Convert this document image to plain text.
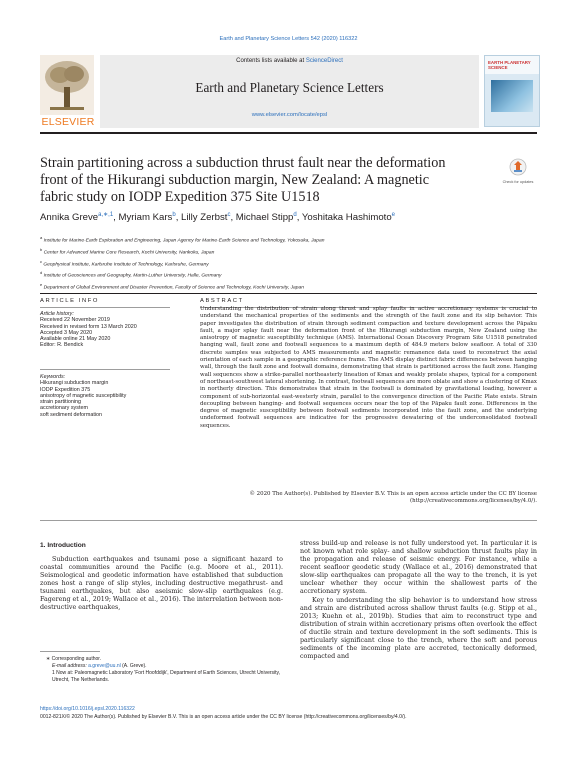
Earth and Planetary Science Letters 542 (2020) 116322
ELSEVIER
Contents lists available at ScienceDirect
Earth and Planetary Science Letters
www.elsevier.com/locate/epsl
EARTH PLANETARY SCIENCE
Strain partitioning across a subduction thrust fault near the deformation front of the Hikurangi subduction margin, New Zealand: A magnetic fabric study on IODP Expedition 375 Site U1518
Check for updates
Annika Greve$^{a,∗,1}$, Myriam Kars$^b$, Lilly Zerbst$^c$, Michael Stipp$^d$, Yoshitaka Hashimoto$^e$
$^a$ Institute for Marine-Earth Exploration and Engineering, Japan Agency for Marine-Earth Science and Technology, Yokosuka, Japan
$^b$ Center for Advanced Marine Core Research, Kochi University, Nankoku, Japan
$^c$ Geophysical Institute, Karlsruhe Institute of Technology, Karlsruhe, Germany
$^d$ Institute of Geosciences and Geography, Martin-Luther University, Halle, Germany
$^e$ Department of Global Environment and Disaster Prevention, Faculty of Science and Technology, Kochi University, Japan
ARTICLE INFO	ABSTRACT
Article history:
Received 22 November 2019
Received in revised form 13 March 2020
Accepted 3 May 2020
Available online 21 May 2020
Editor: R. Bendick
Keywords:
Hikurangi subduction margin
IODP Expedition 375
anisotropy of magnetic susceptibility
strain partitioning
accretionary system
soft sediment deformation
Understanding the distribution of strain along thrust and splay faults in active accretionary systems is crucial to understand the mechanical properties of the sediments and the strength of the fault zone and its slip behavior. This paper investigates the distribution of strain through sediment compaction and texture development across the Pāpaku fault, a major splay fault near the deformation front of the Hikurangi subduction margin, New Zealand using the anisotropy of magnetic susceptibility technique (AMS). International Ocean Discovery Program Site U1518 penetrated hanging wall, fault zone and footwall sequences to a maximum depth of 484.9 meters below seafloor. A total of 330 discrete samples was subjected to AMS measurements and magnetic remanence data used to reconstruct the axial orientation of each sample in a geographic reference frame. The AMS display distinct fabric differences between hanging wall, through the fault zone and footwall domains, demonstrating that strain is partitioned across the fault zone. Hanging wall sequences show a strike-parallel northeasterly lineation of Kmax and weakly prolate shapes, typical for a component of northeast-southwest lateral shortening. In contrast, footwall sequences are more oblate and show a clustering of Kmax in northerly direction. This demonstrates that strain in the footwall is dominated by gravitational loading, however a component of sub-horizontal east-westerly strain, parallel to the convergence direction of the Pacific Plate exists. Strain decoupling between hanging- and footwall sequences occurs near the top of the Pāpaku fault zone. Differences in the degree of magnetic susceptibility between footwall sediments incorporated into the fault zone, and the underlying undeformed footwall sequences are indicative for the progressive dewatering of the underconsolidated footwall sequences.
© 2020 The Author(s). Published by Elsevier B.V. This is an open access article under the CC BY license (http://creativecommons.org/licenses/by/4.0/).
1. Introduction

Subduction earthquakes and tsunami pose a significant hazard to coastal communities around the Pacific (e.g. Moore et al., 2011). Seismological and geodetic information have established that subduction zones host a range of slip styles, including destructive megathrust- and tsunami earthquakes, but also aseismic slow-slip earthquakes (e.g. Fagereng et al., 2019; Wallace et al., 2016). The interrelation between non-destructive earthquakes,

stress build-up and release is not fully understood yet. In particular it is not known what role splay- and shallow subduction thrust faults play in the propagation and release of seismic energy. For instance, while a recent seafloor geodetic study (Wallace et al., 2016) demonstrated that slow-slip earthquakes can propagate all the way to the trench, it is yet unclear whether they occur within the shallowest parts of the accretionary system.

Key to understanding the slip behavior is to understand how stress and strain are distributed across shallow thrust faults (e.g. Stipp et al., 2013; Kuehn et al., 2019b). Studies that aim to reconstruct type and distribution of strain within accretionary prisms often overlook the effect of ductile strain and texture development in the soft sediments. This is particularly significant close to the trench, where the soft and porous sediments of the incoming plate are accreted, tectonically deformed, compacted and

∗ Corresponding author.
E-mail address: a.greve@uu.nl (A. Greve).
1 Now at: Paleomagnetic Laboratory 'Fort Hoofddijk', Department of Earth Sciences, Utrecht University, Utrecht, The Netherlands.
https://doi.org/10.1016/j.epsl.2020.116322
0012-821X/© 2020 The Author(s). Published by Elsevier B.V. This is an open access article under the CC BY license (http://creativecommons.org/licenses/by/4.0/).
